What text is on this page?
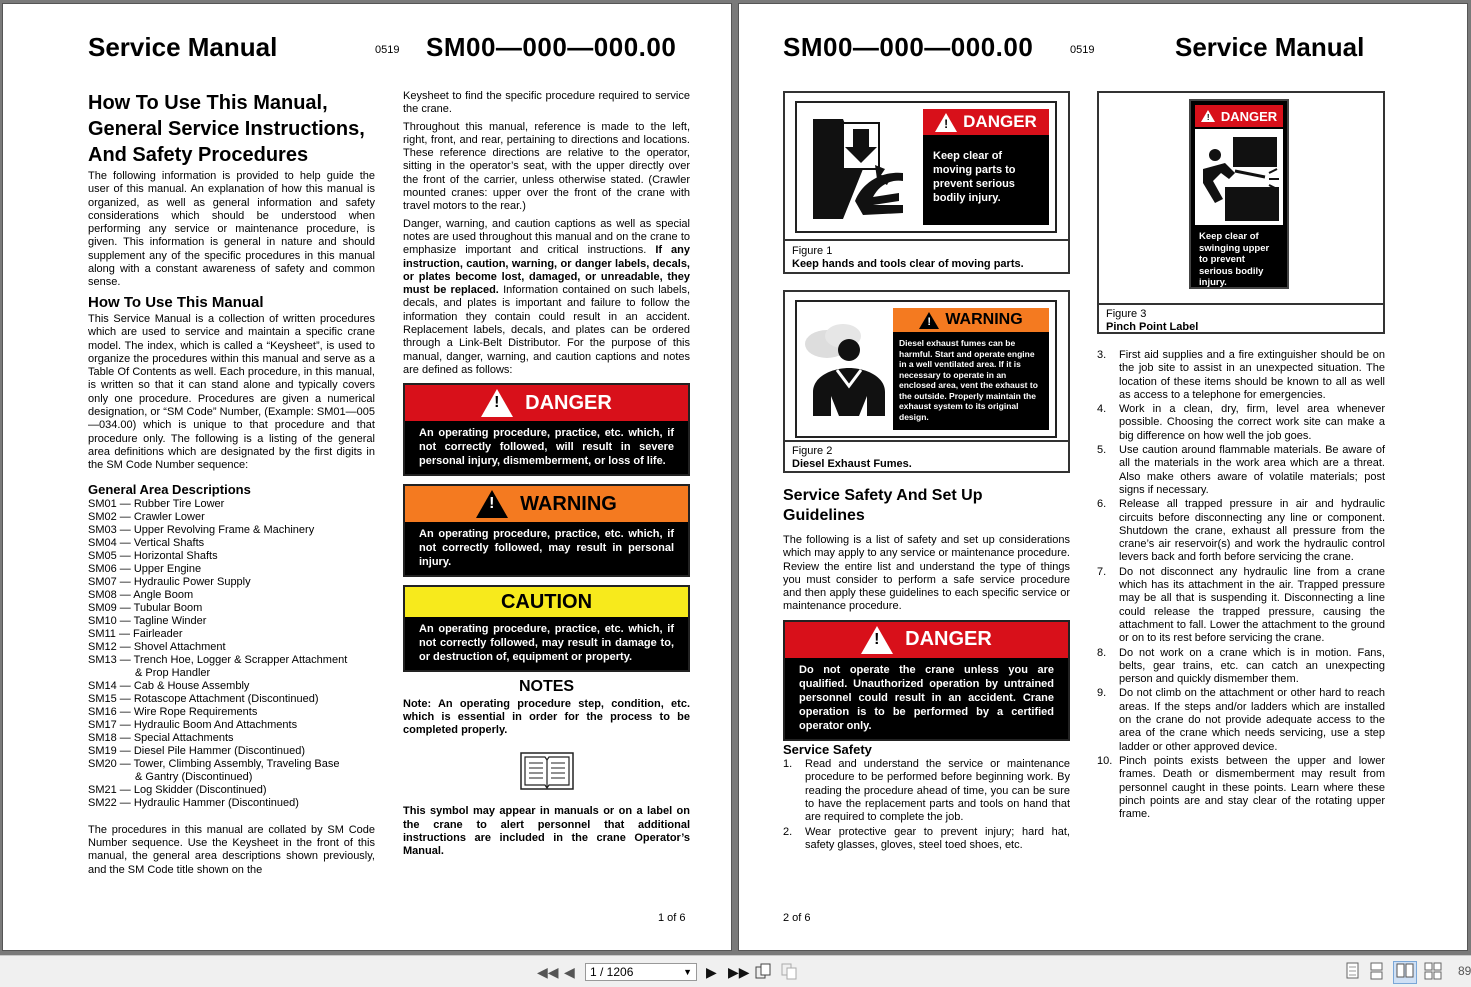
Service Manual	0519 SM00—000—000.00
How To Use This Manual,
General Service Instructions,
And Safety Procedures

The following information is provided to help guide the user of this manual. An explanation of how this manual is organized, as well as general information and safety considerations which should be understood when performing any service or maintenance procedure, is given. This information is general in nature and should supplement any of the specific procedures in this manual along with a constant awareness of safety and common sense.

How To Use This Manual

This Service Manual is a collection of written procedures which are used to service and maintain a specific crane model. The index, which is called a “Keysheet”, is used to organize the procedures within this manual and serve as a Table Of Contents as well. Each procedure, in this manual, is written so that it can stand alone and typically covers only one procedure. Procedures are given a numerical designation, or “SM Code” Number, (Example: SM01—005—034.00) which is unique to that procedure and that procedure only. The following is a listing of the general area definitions which are designated by the first digits in the SM Code Number sequence:

General Area Descriptions
SM01 — Rubber Tire Lower
SM02 — Crawler Lower
SM03 — Upper Revolving Frame & Machinery
SM04 — Vertical Shafts
SM05 — Horizontal Shafts
SM06 — Upper Engine
SM07 — Hydraulic Power Supply
SM08 — Angle Boom
SM09 — Tubular Boom
SM10 — Tagline Winder
SM11 — Fairleader
SM12 — Shovel Attachment
SM13 — Trench Hoe, Logger & Scrapper Attachment
& Prop Handler
SM14 — Cab & House Assembly
SM15 — Rotascope Attachment (Discontinued)
SM16 — Wire Rope Requirements
SM17 — Hydraulic Boom And Attachments
SM18 — Special Attachments
SM19 — Diesel Pile Hammer (Discontinued)
SM20 — Tower, Climbing Assembly, Traveling Base
& Gantry (Discontinued)
SM21 — Log Skidder (Discontinued)
SM22 — Hydraulic Hammer (Discontinued)

The procedures in this manual are collated by SM Code Number sequence. Use the Keysheet in the front of this manual, the general area descriptions shown previously, and the SM Code title shown on the

Keysheet to find the specific procedure required to service the crane.

Throughout this manual, reference is made to the left, right, front, and rear, pertaining to directions and locations. These reference directions are relative to the operator, sitting in the operator’s seat, with the upper directly over the front of the carrier, unless otherwise stated. (Crawler mounted cranes: upper over the front of the crane with travel motors to the rear.)

Danger, warning, and caution captions as well as special notes are used throughout this manual and on the crane to emphasize important and critical instructions. If any instruction, caution, warning, or danger labels, decals, or plates become lost, damaged, or unreadable, they must be replaced. Information contained on such labels, decals, and plates is important and failure to follow the information they contain could result in an accident. Replacement labels, decals, and plates can be ordered through a Link-Belt Distributor. For the purpose of this manual, danger, warning, and caution captions and notes are defined as follows:

! DANGER
An operating procedure, practice, etc. which, if not correctly followed, will result in severe personal injury, dismemberment, or loss of life.
! WARNING
An operating procedure, practice, etc. which, if not correctly followed, may result in personal injury.
CAUTION
An operating procedure, practice, etc. which, if not correctly followed, may result in damage to, or destruction of, equipment or property.
NOTES

Note: An operating procedure step, condition, etc. which is essential in order for the process to be completed properly.

This symbol may appear in manuals or on a label on the crane to alert personnel that additional instructions are included in the crane Operator’s Manual.

1 of 6
SM00—000—000.00	0519	Service Manual
! DANGER
Keep clear of moving parts to prevent serious bodily injury.
Figure 1
Keep hands and tools clear of moving parts.
! WARNING
Diesel exhaust fumes can be harmful. Start and operate engine in a well ventilated area. If it is necessary to operate in an enclosed area, vent the exhaust to the outside. Properly maintain the exhaust system to its original design.
Figure 2
Diesel Exhaust Fumes.
! DANGER
Keep clear of swinging upper to prevent serious bodily injury.
Figure 3
Pinch Point Label
Service Safety And Set Up
Guidelines

The following is a list of safety and set up considerations which may apply to any service or maintenance procedure. Review the entire list and understand the type of things you must consider to perform a safe service procedure and then apply these guidelines to each specific service or maintenance procedure.

! DANGER
Do not operate the crane unless you are qualified. Unauthorized operation by untrained personnel could result in an accident. Crane operation is to be performed by a certified operator only.
Service Safety
1. Read and understand the service or maintenance procedure to be performed before beginning work. By reading the procedure ahead of time, you can be sure to have the replacement parts and tools on hand that are required to complete the job.
2. Wear protective gear to prevent injury; hard hat, safety glasses, gloves, steel toed shoes, etc.
3. First aid supplies and a fire extinguisher should be on the job site to assist in an unexpected situation. The location of these items should be known to all as well as access to a telephone for emergencies.
4. Work in a clean, dry, firm, level area whenever possible. Choosing the correct work site can make a big difference on how well the job goes.
5. Use caution around flammable materials. Be aware of all the materials in the work area which are a threat. Also make others aware of volatile materials; post signs if necessary.
6. Release all trapped pressure in air and hydraulic circuits before disconnecting any line or component. Shutdown the crane, exhaust all pressure from the crane’s air reservoir(s) and work the hydraulic control levers back and forth before servicing the crane.
7. Do not disconnect any hydraulic line from a crane which has its attachment in the air. Trapped pressure may be all that is suspending it. Disconnecting a line could release the trapped pressure, causing the attachment to fall. Lower the attachment to the ground or on to its rest before servicing the crane.
8. Do not work on a crane which is in motion. Fans, belts, gear trains, etc. can catch an unexpecting person and quickly dismember them.
9. Do not climb on the attachment or other hard to reach areas. If the steps and/or ladders which are installed on the crane do not provide adequate access to the area of the crane which needs servicing, use a step ladder or other approved device.
10. Pinch points exists between the upper and lower frames. Death or dismemberment may result from personnel caught in these points. Learn where these pinch points are and stay clear of the rotating upper frame.
2 of 6
◀◀ ◀	1 / 1206	▼ ▶ ▶▶	89
